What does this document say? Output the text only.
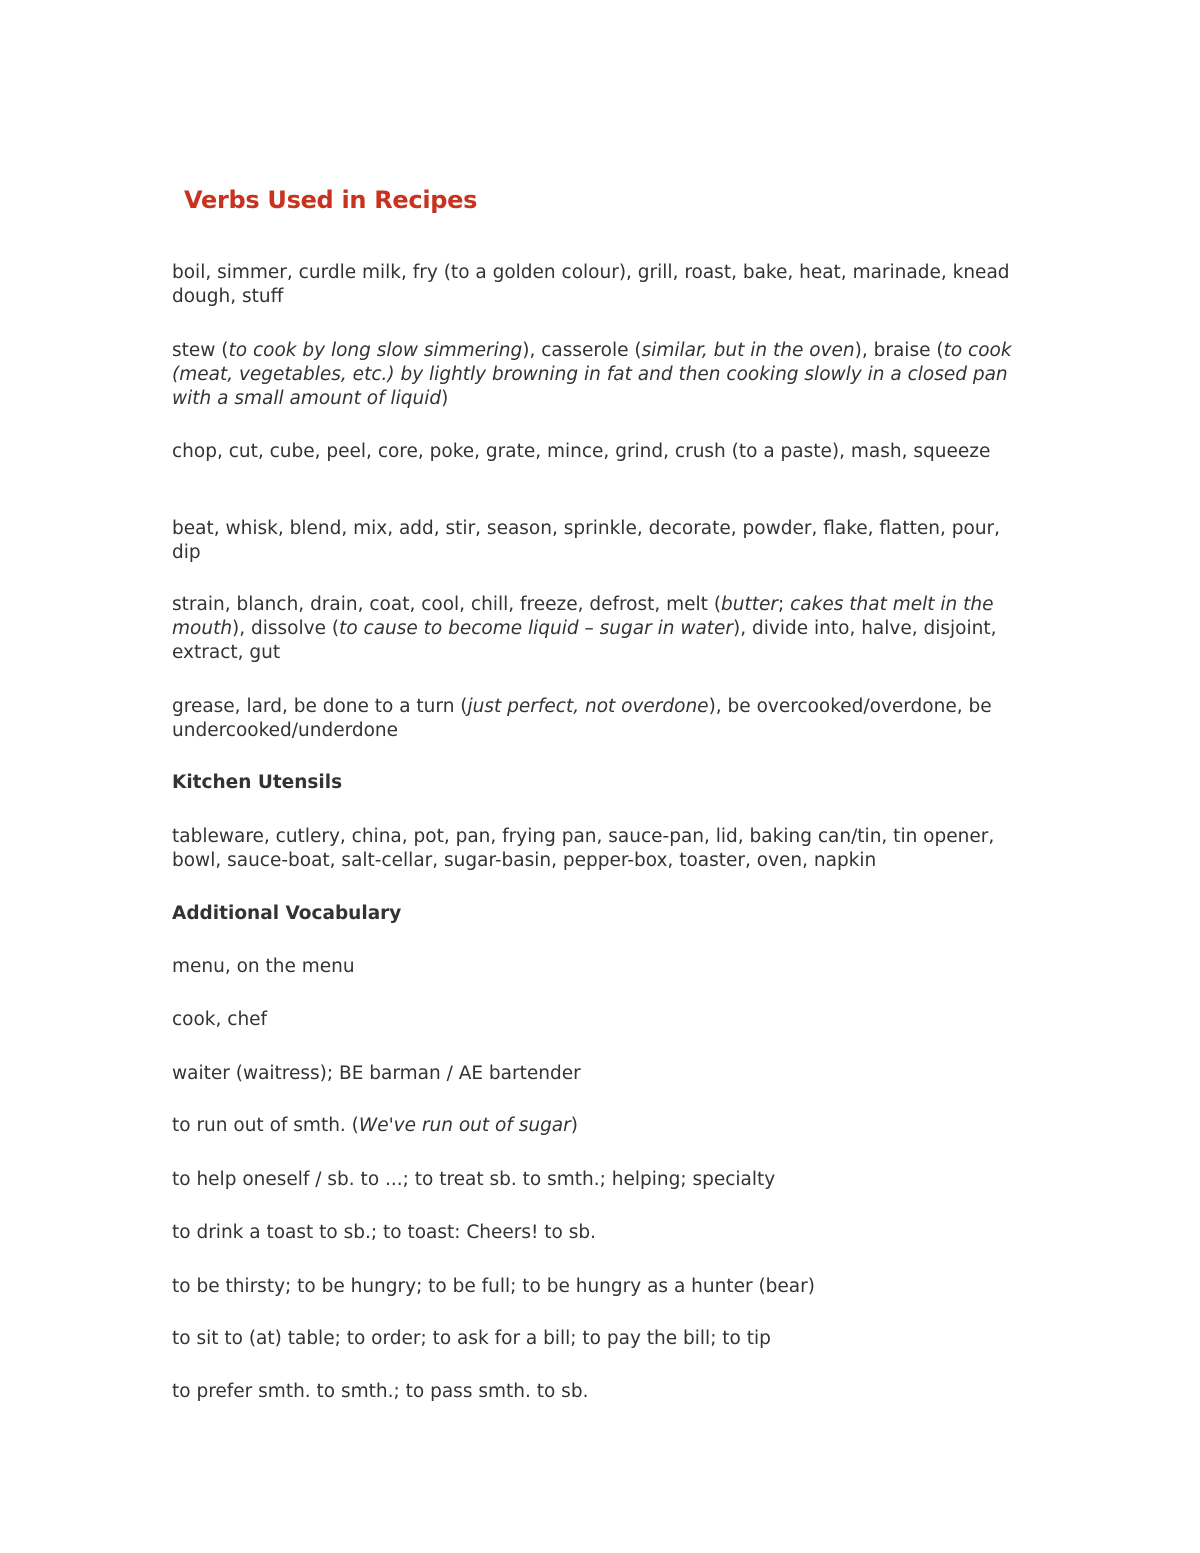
Verbs Used in Recipes

boil, simmer, curdle milk, fry (to a golden colour), grill, roast, bake, heat, marinade, knead dough, stuff

stew (to cook by long slow simmering), casserole (similar, but in the oven), braise (to cook (meat, vegetables, etc.) by lightly browning in fat and then cooking slowly in a closed pan with a small amount of liquid)

chop, cut, cube, peel, core, poke, grate, mince, grind, crush (to a paste), mash, squeeze

beat, whisk, blend, mix, add, stir, season, sprinkle, decorate, powder, flake, flatten, pour, dip

strain, blanch, drain, coat, cool, chill, freeze, defrost, melt (butter; cakes that melt in the mouth), dissolve (to cause to become liquid – sugar in water), divide into, halve, disjoint, extract, gut

grease, lard, be done to a turn (just perfect, not overdone), be overcooked/overdone, be undercooked/underdone

Kitchen Utensils

tableware, cutlery, china, pot, pan, frying pan, sauce-pan, lid, baking can/tin, tin opener, bowl, sauce-boat, salt-cellar, sugar-basin, pepper-box, toaster, oven, napkin

Additional Vocabulary

menu, on the menu

cook, chef

waiter (waitress); BE barman / AE bartender

to run out of smth. (We've run out of sugar)

to help oneself / sb. to ...; to treat sb. to smth.; helping; specialty

to drink a toast to sb.; to toast: Cheers! to sb.

to be thirsty; to be hungry; to be full; to be hungry as a hunter (bear)

to sit to (at) table; to order; to ask for a bill; to pay the bill; to tip

to prefer smth. to smth.; to pass smth. to sb.
